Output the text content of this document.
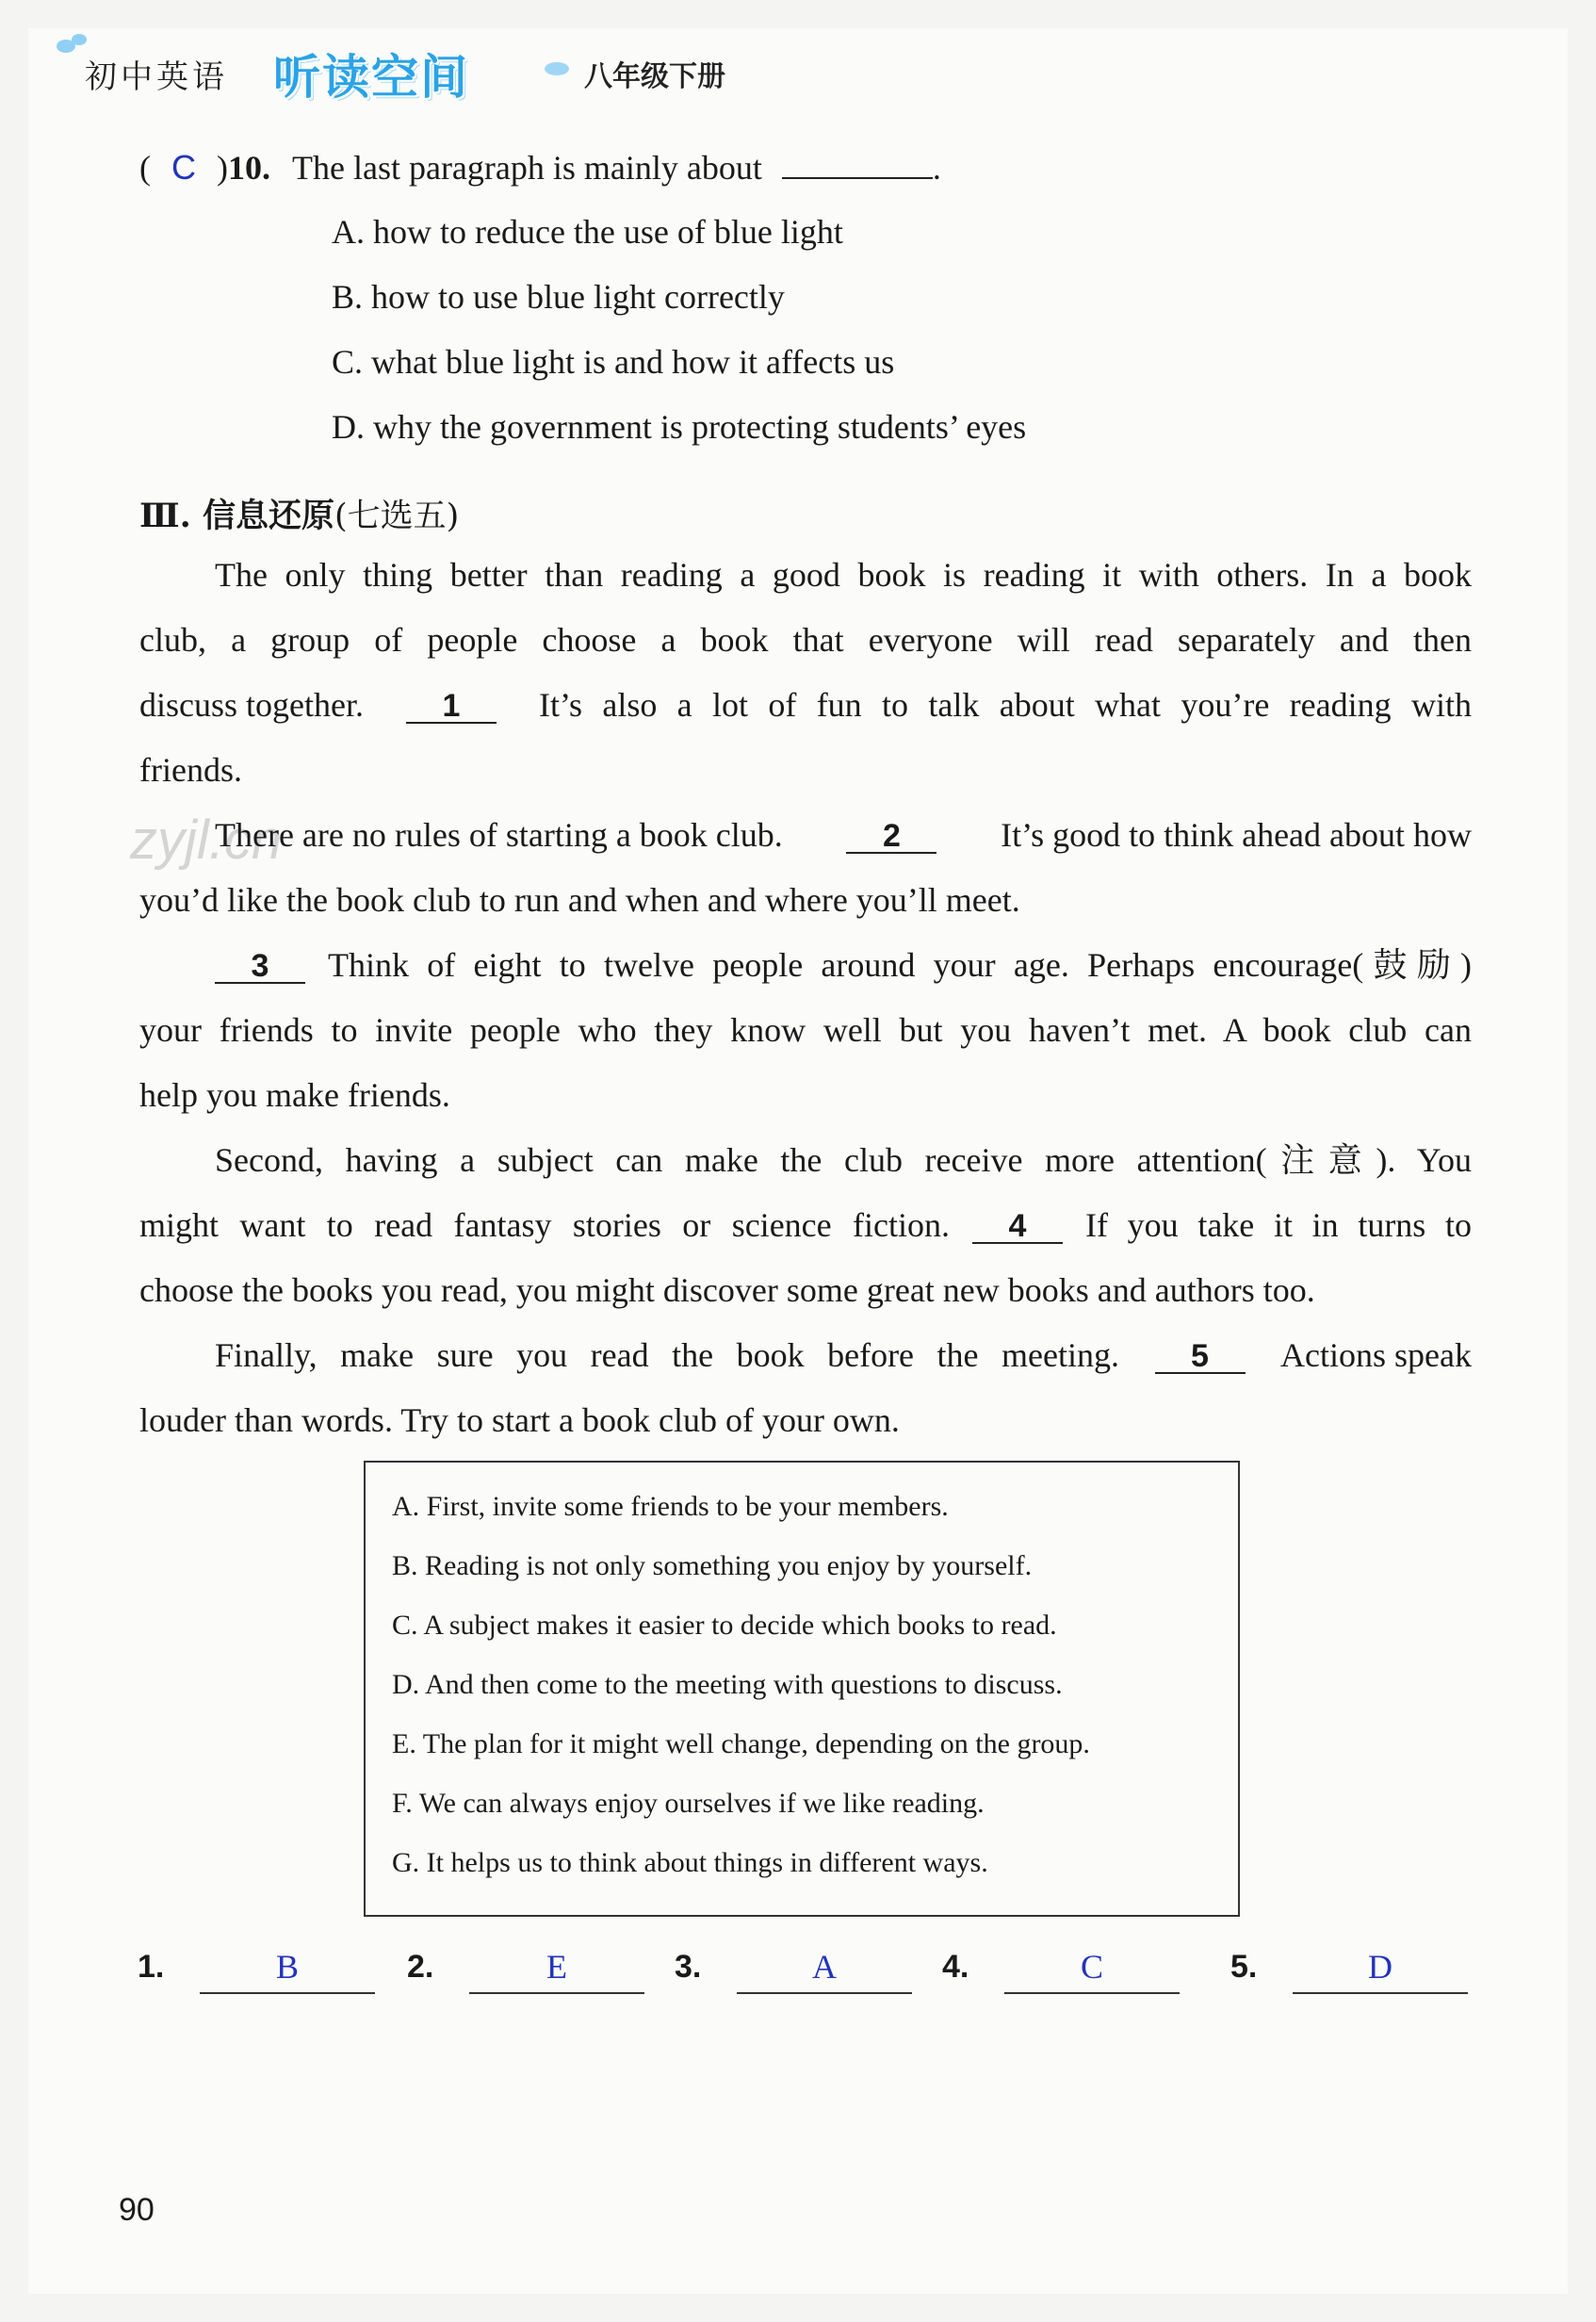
初中英语 听读空间	八年级下册
( C )10. The last paragraph is mainly about	.
A. how to reduce the use of blue light
B. how to use blue light correctly
C. what blue light is and how it affects us
D. why the government is protecting students’ eyes
Ⅲ. 信息还原(七选五)
The only thing better than reading a good book is reading it with others. In a book
club, a group of people choose a book that everyone will read separately and then
discuss together.	1	It’s also a lot of fun to talk about what you’re reading with
friends.
zyjl.cn
There are no rules of starting a book club.	2	It’s good to think ahead about how
you’d like the book club to run and when and where you’ll meet.
3	Think of eight to twelve people around your age. Perhaps encourage(鼓励)
your friends to invite people who they know well but you haven’t met. A book club can
help you make friends.
Second, having a subject can make the club receive more attention(注意). You
might want to read fantasy stories or science fiction.	4	If you take it in turns to
choose the books you read, you might discover some great new books and authors too.
Finally, make sure you read the book before the meeting.	5	Actions speak
louder than words. Try to start a book club of your own.
A. First, invite some friends to be your members.
B. Reading is not only something you enjoy by yourself.
C. A subject makes it easier to decide which books to read.
D. And then come to the meeting with questions to discuss.
E. The plan for it might well change, depending on the group.
F. We can always enjoy ourselves if we like reading.
G. It helps us to think about things in different ways.
1.	B	2.	E	3.	A	4.	C	5.	D
90
